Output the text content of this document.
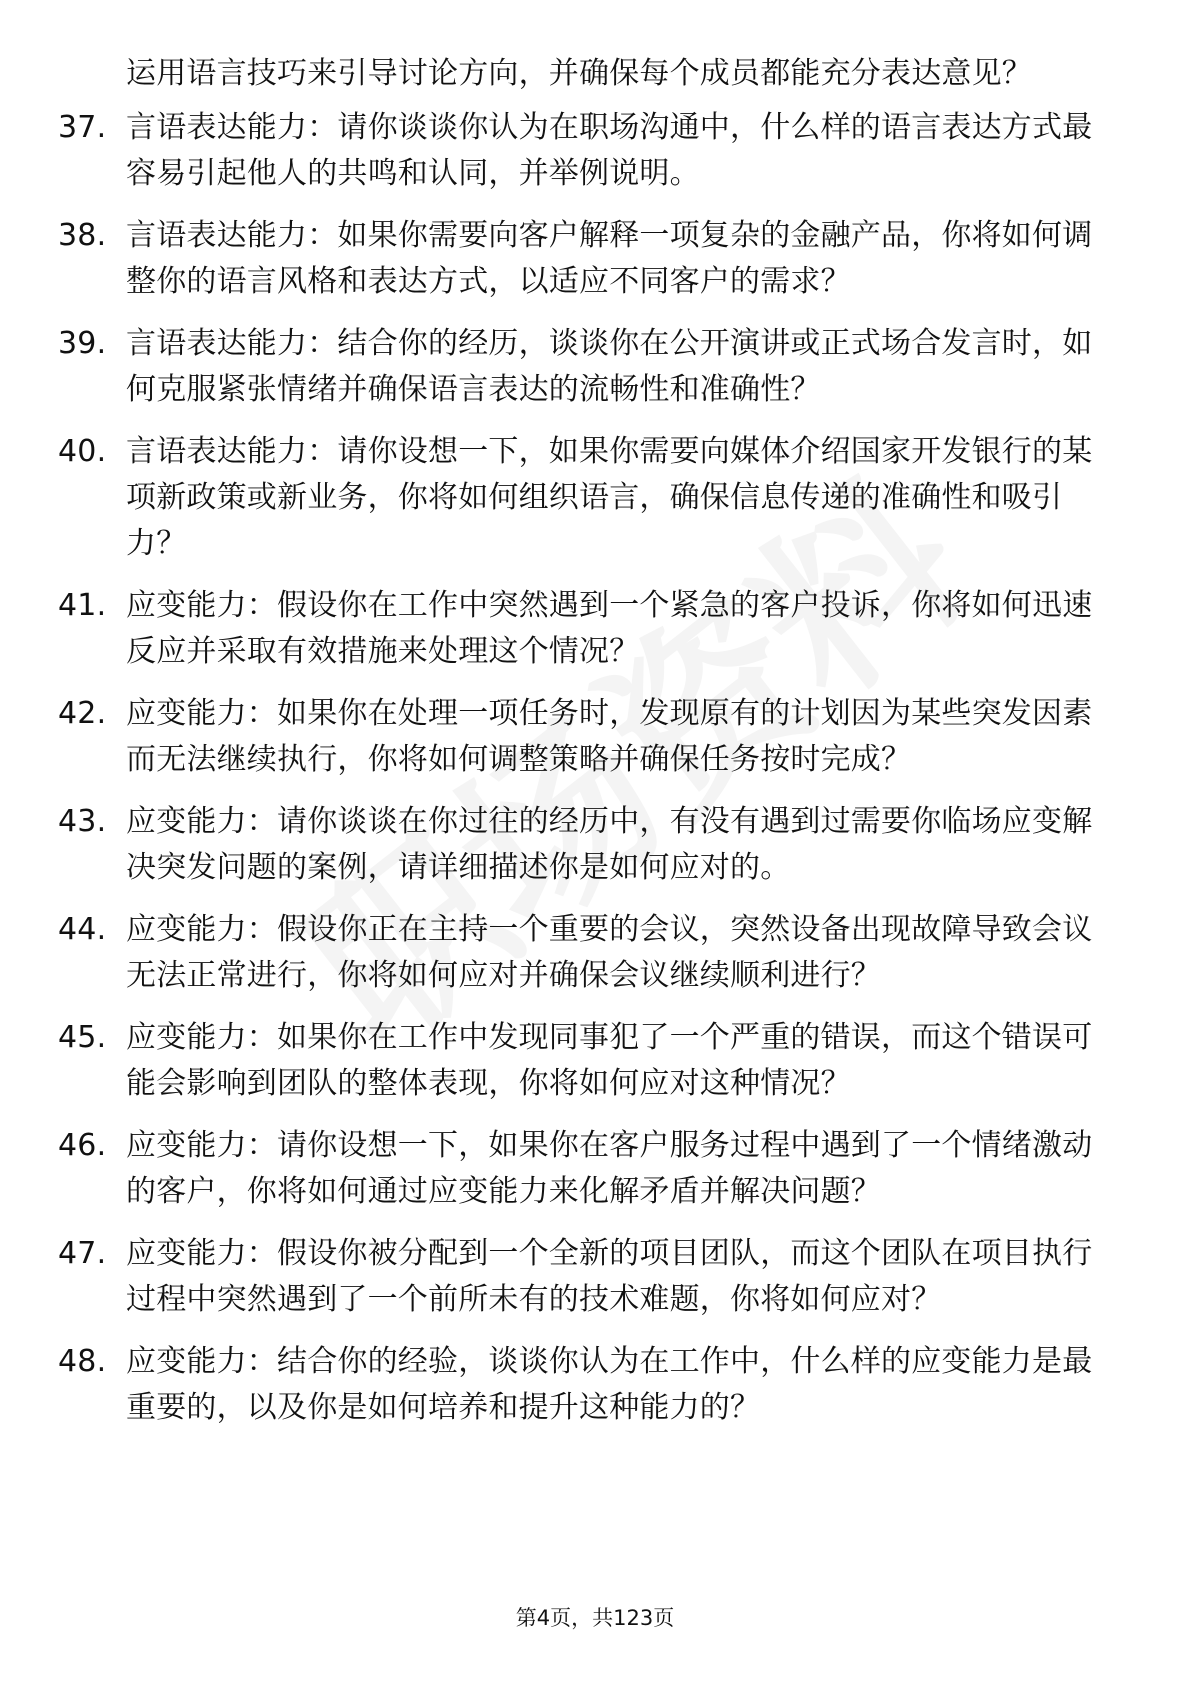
运用语言技巧来引导讨论方向，并确保每个成员都能充分表达意见？

37. 言语表达能力：请你谈谈你认为在职场沟通中，什么样的语言表达方式最容易引起他人的共鸣和认同，并举例说明。
38. 言语表达能力：如果你需要向客户解释一项复杂的金融产品，你将如何调整你的语言风格和表达方式，以适应不同客户的需求？
39. 言语表达能力：结合你的经历，谈谈你在公开演讲或正式场合发言时，如何克服紧张情绪并确保语言表达的流畅性和准确性？
40. 言语表达能力：请你设想一下，如果你需要向媒体介绍国家开发银行的某项新政策或新业务，你将如何组织语言，确保信息传递的准确性和吸引力？
41. 应变能力：假设你在工作中突然遇到一个紧急的客户投诉，你将如何迅速反应并采取有效措施来处理这个情况？
42. 应变能力：如果你在处理一项任务时，发现原有的计划因为某些突发因素而无法继续执行，你将如何调整策略并确保任务按时完成？
43. 应变能力：请你谈谈在你过往的经历中，有没有遇到过需要你临场应变解决突发问题的案例，请详细描述你是如何应对的。
44. 应变能力：假设你正在主持一个重要的会议，突然设备出现故障导致会议无法正常进行，你将如何应对并确保会议继续顺利进行？
45. 应变能力：如果你在工作中发现同事犯了一个严重的错误，而这个错误可能会影响到团队的整体表现，你将如何应对这种情况？
46. 应变能力：请你设想一下，如果你在客户服务过程中遇到了一个情绪激动的客户，你将如何通过应变能力来化解矛盾并解决问题？
47. 应变能力：假设你被分配到一个全新的项目团队，而这个团队在项目执行过程中突然遇到了一个前所未有的技术难题，你将如何应对？
48. 应变能力：结合你的经验，谈谈你认为在工作中，什么样的应变能力是最重要的，以及你是如何培养和提升这种能力的？
第4页，共123页
